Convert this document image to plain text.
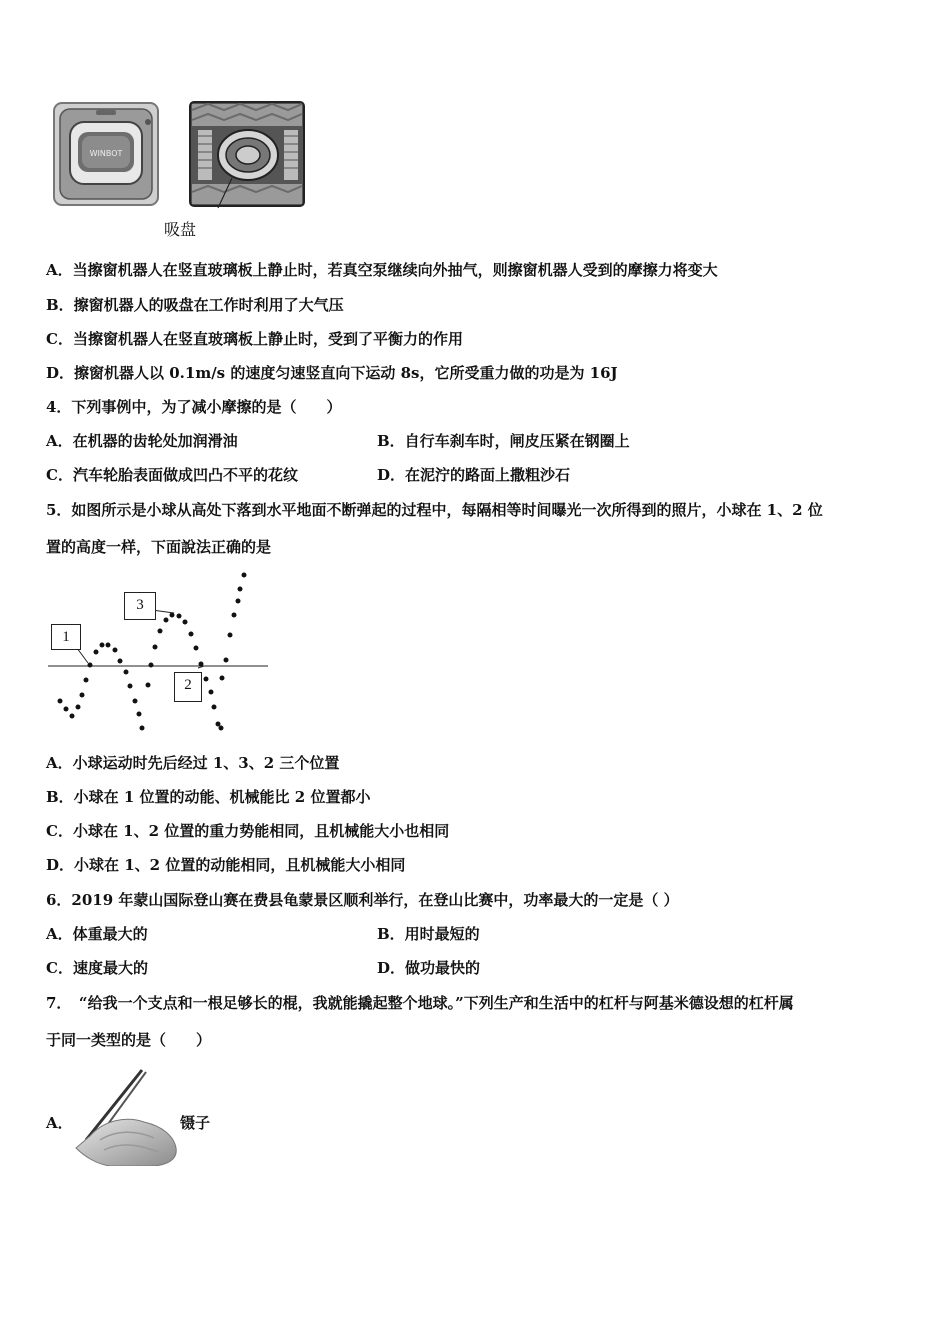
WINBOT
吸盘
A．当擦窗机器人在竖直玻璃板上静止时，若真空泵继续向外抽气，则擦窗机器人受到的摩擦力将变大
B．擦窗机器人的吸盘在工作时利用了大气压
C．当擦窗机器人在竖直玻璃板上静止时，受到了平衡力的作用
D．擦窗机器人以 0.1m/s 的速度匀速竖直向下运动 8s，它所受重力做的功是为 16J
4．下列事例中，为了减小摩擦的是（　　）
A．在机器的齿轮处加润滑油	B．自行车刹车时，闸皮压紧在钢圈上
C．汽车轮胎表面做成凹凸不平的花纹	D．在泥泞的路面上撒粗沙石
5．如图所示是小球从高处下落到水平地面不断弹起的过程中，每隔相等时间曝光一次所得到的照片，小球在 1、2 位
置的高度一样，下面說法正确的是
1
3
2
A．小球运动时先后经过 1、3、2 三个位置
B．小球在 1 位置的动能、机械能比 2 位置都小
C．小球在 1、2 位置的重力势能相同，且机械能大小也相同
D．小球在 1、2 位置的动能相同，且机械能大小相同
6．2019 年蒙山国际登山赛在费县龟蒙景区顺利举行，在登山比赛中，功率最大的一定是（ ）
A．体重最大的	B．用时最短的
C．速度最大的	D．做功最快的
7．　“给我一个支点和一根足够长的棍，我就能撬起整个地球。”下列生产和生活中的杠杆与阿基米德设想的杠杆属
于同一类型的是（　　）
A．	镊子
